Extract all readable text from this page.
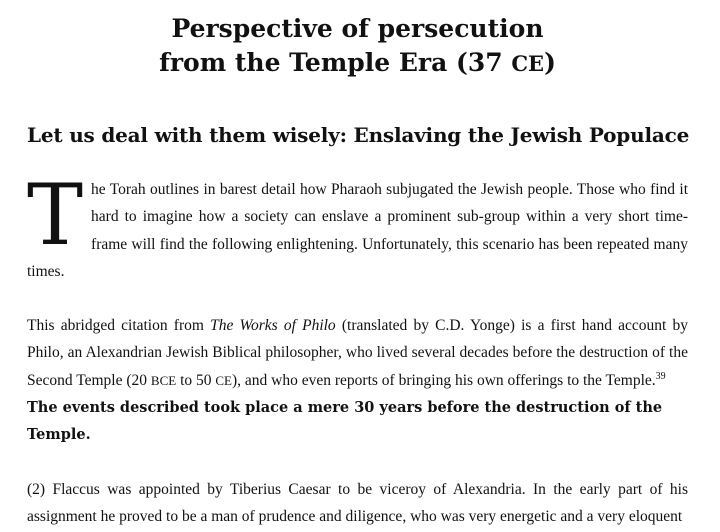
Perspective of persecution
from the Temple Era (37 CE)
Let us deal with them wisely: Enslaving the Jewish Populace

The Torah outlines in barest detail how Pharaoh subjugated the Jewish people. Those who find it hard to imagine how a society can enslave a prominent sub-group within a very short time-frame will find the following enlightening. Unfortunately, this scenario has been repeated many times.

This abridged citation from The Works of Philo (translated by C.D. Yonge) is a first hand account by Philo, an Alexandrian Jewish Biblical philosopher, who lived several decades before the destruction of the Second Temple (20 BCE to 50 CE), and who even reports of bringing his own offerings to the Temple.$^{39}$
The events described took place a mere 30 years before the destruction of the Temple.

(2) Flaccus was appointed by Tiberius Caesar to be viceroy of Alexandria. In the early part of his assignment he proved to be a man of prudence and diligence, who was very energetic and a very eloquent
